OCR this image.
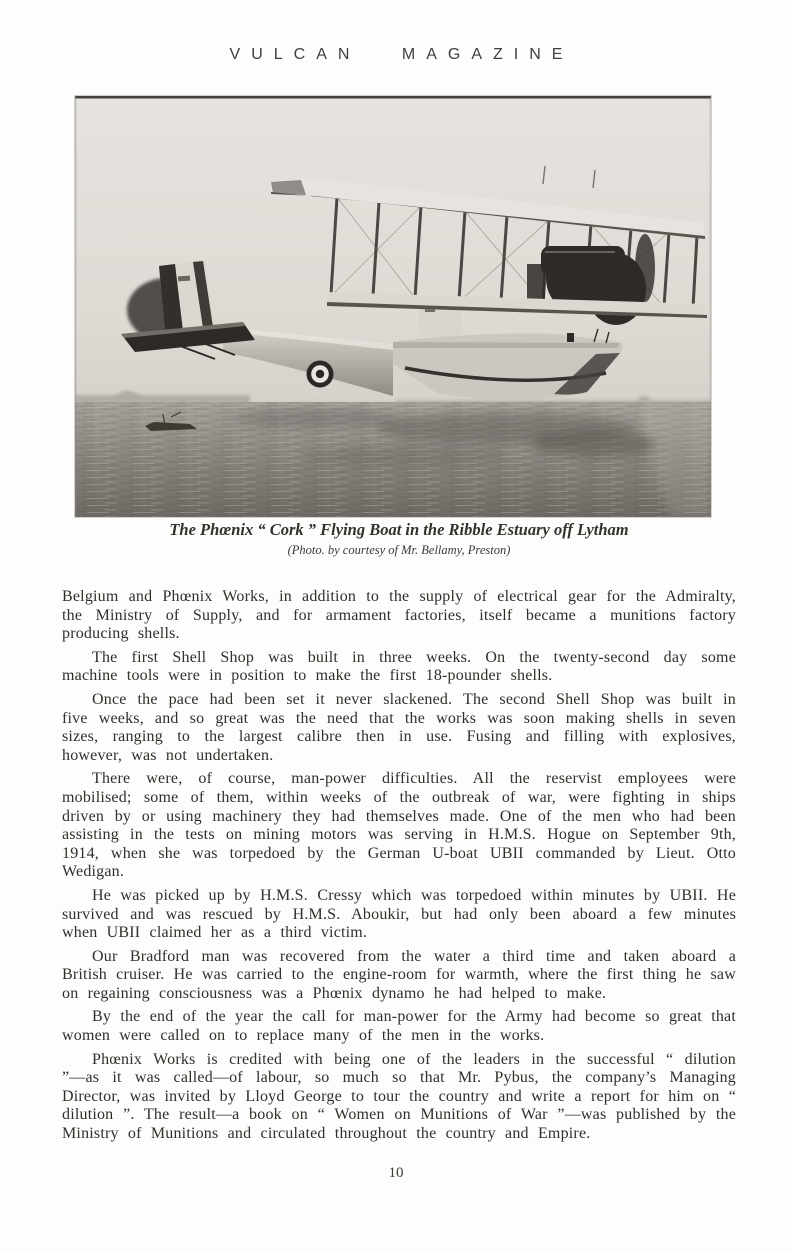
VULCAN MAGAZINE
The Phœnix “ Cork ” Flying Boat in the Ribble Estuary off Lytham
(Photo. by courtesy of Mr. Bellamy, Preston)

Belgium and Phœnix Works, in addition to the supply of electrical gear for the Admiralty, the Ministry of Supply, and for armament factories, itself became a munitions factory producing shells.

The first Shell Shop was built in three weeks. On the twenty-second day some machine tools were in position to make the first 18-pounder shells.

Once the pace had been set it never slackened. The second Shell Shop was built in five weeks, and so great was the need that the works was soon making shells in seven sizes, ranging to the largest calibre then in use. Fusing and filling with explosives, however, was not undertaken.

There were, of course, man-power difficulties. All the reservist employees were mobilised; some of them, within weeks of the outbreak of war, were fighting in ships driven by or using machinery they had themselves made. One of the men who had been assisting in the tests on mining motors was serving in H.M.S. Hogue on September 9th, 1914, when she was torpedoed by the German U-boat UBII commanded by Lieut. Otto Wedigan.

He was picked up by H.M.S. Cressy which was torpedoed within minutes by UBII. He survived and was rescued by H.M.S. Aboukir, but had only been aboard a few minutes when UBII claimed her as a third victim.

Our Bradford man was recovered from the water a third time and taken aboard a British cruiser. He was carried to the engine-room for warmth, where the first thing he saw on regaining consciousness was a Phœnix dynamo he had helped to make.

By the end of the year the call for man-power for the Army had become so great that women were called on to replace many of the men in the works.

Phœnix Works is credited with being one of the leaders in the successful “ dilution ”—as it was called—of labour, so much so that Mr. Pybus, the company’s Managing Director, was invited by Lloyd George to tour the country and write a report for him on “ dilution ”. The result—a book on “ Women on Munitions of War ”—was published by the Ministry of Munitions and circulated throughout the country and Empire.

10
